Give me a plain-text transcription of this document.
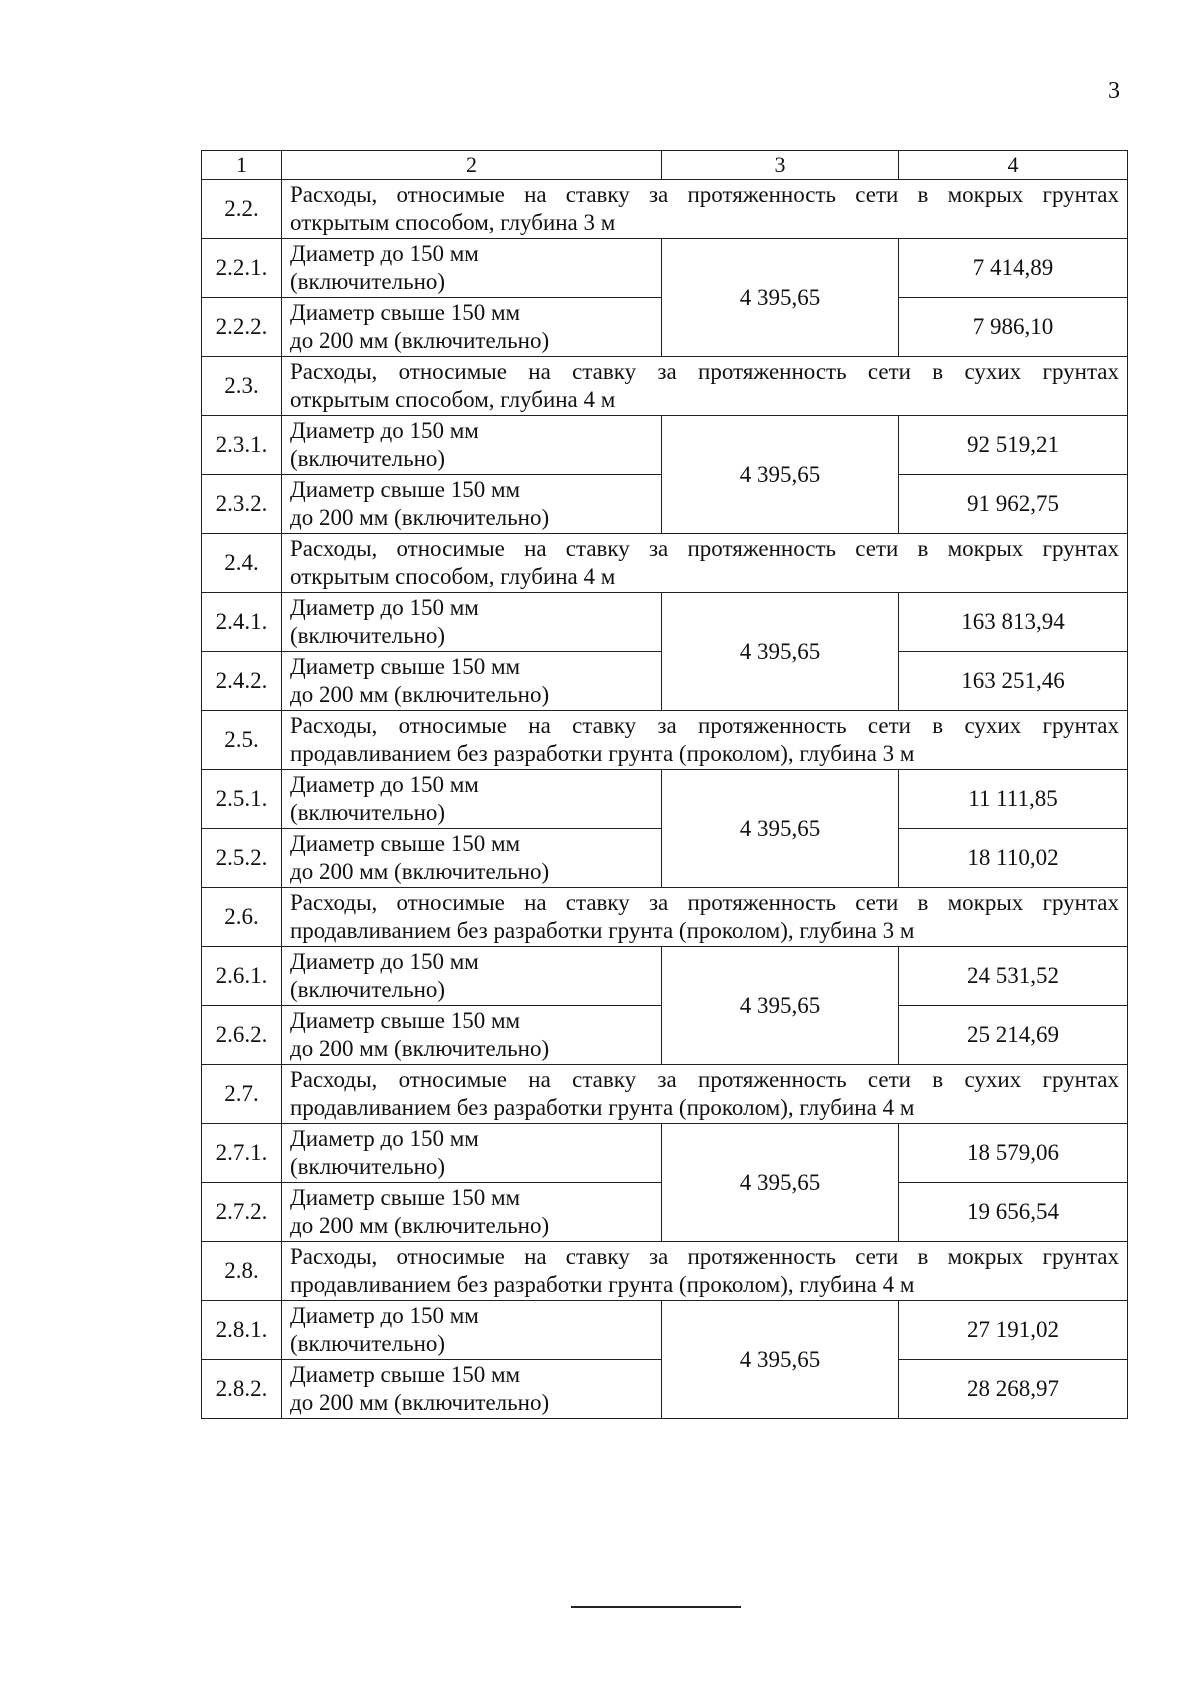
3
1	2	3	4
2.2.	Расходы, относимые на ставку за протяженность сети в мокрых грунтах
открытым способом, глубина 3 м		

2.2.1.	Диаметр до 150 мм
(включительно)	4 395,65	7 414,89
2.2.2.	Диаметр свыше 150 мм
до 200 мм (включительно)		7 986,10
2.3.	Расходы, относимые на ставку за протяженность сети в сухих грунтах
открытым способом, глубина 4 м		

2.3.1.	Диаметр до 150 мм
(включительно)	4 395,65	92 519,21
2.3.2.	Диаметр свыше 150 мм
до 200 мм (включительно)		91 962,75
2.4.	Расходы, относимые на ставку за протяженность сети в мокрых грунтах
открытым способом, глубина 4 м		

2.4.1.	Диаметр до 150 мм
(включительно)	4 395,65	163 813,94
2.4.2.	Диаметр свыше 150 мм
до 200 мм (включительно)		163 251,46
2.5.	Расходы, относимые на ставку за протяженность сети в сухих грунтах
продавливанием без разработки грунта (проколом), глубина 3 м		

2.5.1.	Диаметр до 150 мм
(включительно)	4 395,65	11 111,85
2.5.2.	Диаметр свыше 150 мм
до 200 мм (включительно)		18 110,02
2.6.	Расходы, относимые на ставку за протяженность сети в мокрых грунтах
продавливанием без разработки грунта (проколом), глубина 3 м		

2.6.1.	Диаметр до 150 мм
(включительно)	4 395,65	24 531,52
2.6.2.	Диаметр свыше 150 мм
до 200 мм (включительно)		25 214,69
2.7.	Расходы, относимые на ставку за протяженность сети в сухих грунтах
продавливанием без разработки грунта (проколом), глубина 4 м		

2.7.1.	Диаметр до 150 мм
(включительно)	4 395,65	18 579,06
2.7.2.	Диаметр свыше 150 мм
до 200 мм (включительно)		19 656,54
2.8.	Расходы, относимые на ставку за протяженность сети в мокрых грунтах
продавливанием без разработки грунта (проколом), глубина 4 м		

2.8.1.	Диаметр до 150 мм
(включительно)	4 395,65	27 191,02
2.8.2.	Диаметр свыше 150 мм
до 200 мм (включительно)		28 268,97
